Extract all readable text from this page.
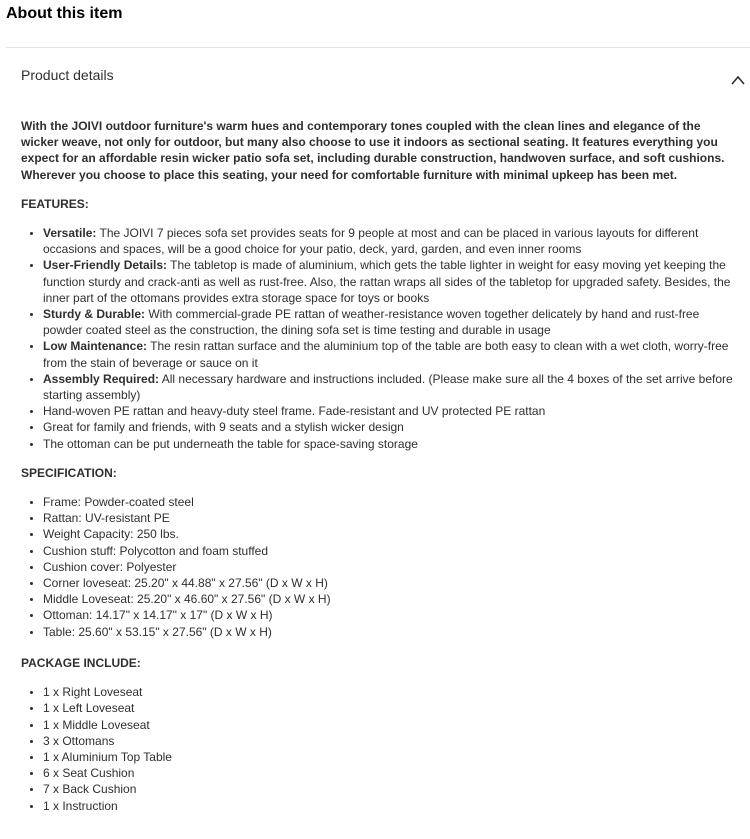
About this item
Product details

With the JOIVI outdoor furniture's warm hues and contemporary tones coupled with the clean lines and elegance of the wicker weave, not only for outdoor, but many also choose to use it indoors as sectional seating. It features everything you expect for an affordable resin wicker patio sofa set, including durable construction, handwoven surface, and soft cushions. Wherever you choose to place this seating, your need for comfortable furniture with minimal upkeep has been met.

FEATURES:
• Versatile: The JOIVI 7 pieces sofa set provides seats for 9 people at most and can be placed in various layouts for different occasions and spaces, will be a good choice for your patio, deck, yard, garden, and even inner rooms
• User-Friendly Details: The tabletop is made of aluminium, which gets the table lighter in weight for easy moving yet keeping the function sturdy and crack-anti as well as rust-free. Also, the rattan wraps all sides of the tabletop for upgraded safety. Besides, the inner part of the ottomans provides extra storage space for toys or books
• Sturdy & Durable: With commercial-grade PE rattan of weather-resistance woven together delicately by hand and rust-free powder coated steel as the construction, the dining sofa set is time testing and durable in usage
• Low Maintenance: The resin rattan surface and the aluminium top of the table are both easy to clean with a wet cloth, worry-free from the stain of beverage or sauce on it
• Assembly Required: All necessary hardware and instructions included. (Please make sure all the 4 boxes of the set arrive before starting assembly)
• Hand-woven PE rattan and heavy-duty steel frame. Fade-resistant and UV protected PE rattan
• Great for family and friends, with 9 seats and a stylish wicker design
• The ottoman can be put underneath the table for space-saving storage
SPECIFICATION:
• Frame: Powder-coated steel
• Rattan: UV-resistant PE
• Weight Capacity: 250 lbs.
• Cushion stuff: Polycotton and foam stuffed
• Cushion cover: Polyester
• Corner loveseat: 25.20" x 44.88" x 27.56" (D x W x H)
• Middle Loveseat: 25.20" x 46.60" x 27.56" (D x W x H)
• Ottoman: 14.17" x 14.17" x 17" (D x W x H)
• Table: 25.60" x 53.15" x 27.56" (D x W x H)
PACKAGE INCLUDE:
• 1 x Right Loveseat
• 1 x Left Loveseat
• 1 x Middle Loveseat
• 3 x Ottomans
• 1 x Aluminium Top Table
• 6 x Seat Cushion
• 7 x Back Cushion
• 1 x Instruction
